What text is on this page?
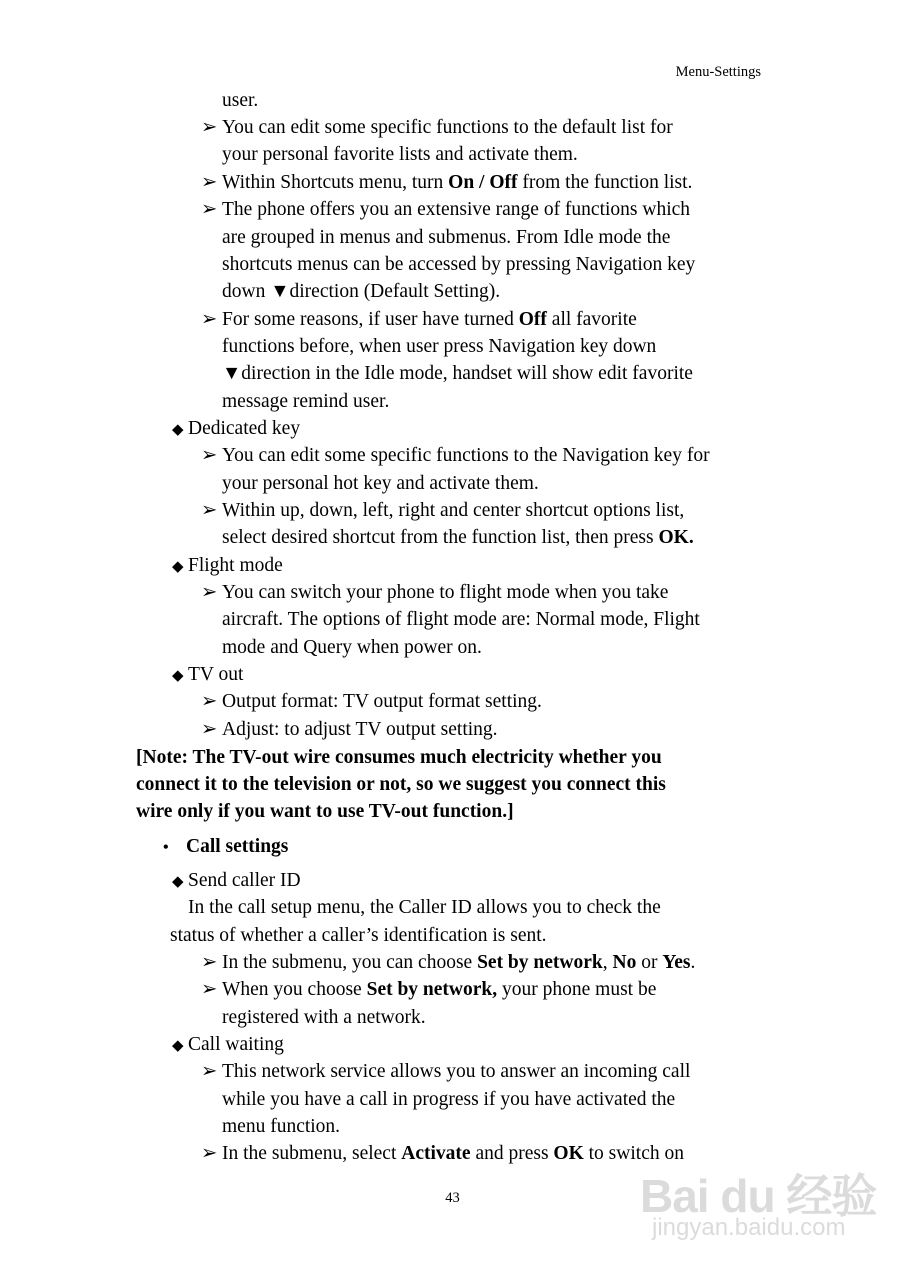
Menu-Settings
user.
➢ You can edit some specific functions to the default list for
your personal favorite lists and activate them.
➢ Within Shortcuts menu, turn On / Off from the function list.
➢ The phone offers you an extensive range of functions which
are grouped in menus and submenus. From Idle mode the
shortcuts menus can be accessed by pressing Navigation key
down ▼direction (Default Setting).
➢ For some reasons, if user have turned Off all favorite
functions before, when user press Navigation key down
▼direction in the Idle mode, handset will show edit favorite
message remind user.
◆ Dedicated key
➢ You can edit some specific functions to the Navigation key for
your personal hot key and activate them.
➢ Within up, down, left, right and center shortcut options list,
select desired shortcut from the function list, then press OK.
◆ Flight mode
➢ You can switch your phone to flight mode when you take
aircraft. The options of flight mode are: Normal mode, Flight
mode and Query when power on.
◆ TV out
➢ Output format: TV output format setting.
➢ Adjust: to adjust TV output setting.
[Note: The TV-out wire consumes much electricity whether you
connect it to the television or not, so we suggest you connect this
wire only if you want to use TV-out function.]
• Call settings
◆ Send caller ID
In the call setup menu, the Caller ID allows you to check the
status of whether a caller’s identification is sent.
➢ In the submenu, you can choose Set by network, No or Yes.
➢ When you choose Set by network, your phone must be
registered with a network.
◆ Call waiting
➢ This network service allows you to answer an incoming call
while you have a call in progress if you have activated the
menu function.
➢ In the submenu, select Activate and press OK to switch on
43	Bai du 经验
jingyan.baidu.com
